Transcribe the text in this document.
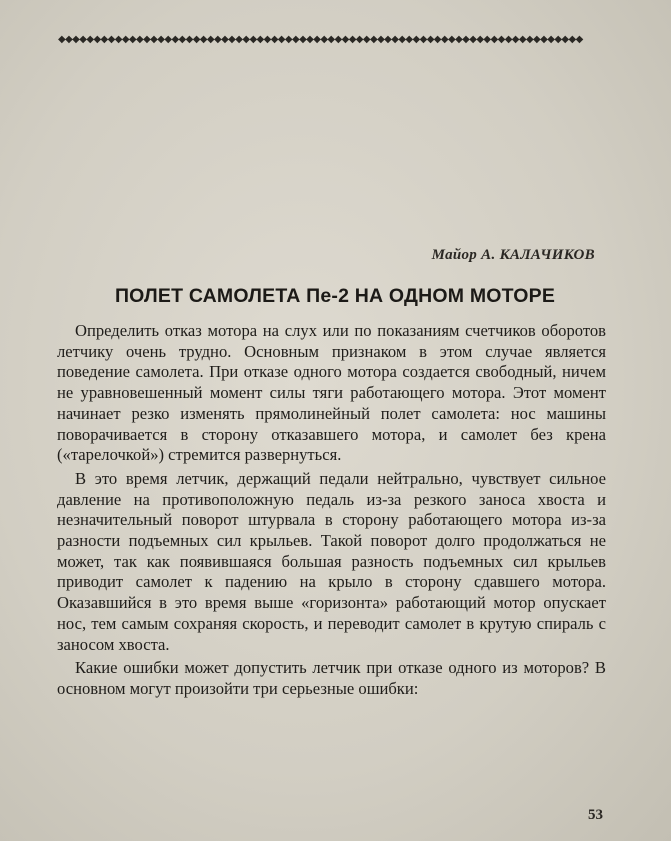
◆◆◆◆◆◆◆◆◆◆◆◆◆◆◆◆◆◆◆◆◆◆◆◆◆◆◆◆◆◆◆◆◆◆◆◆◆◆◆◆◆◆◆◆◆◆◆◆◆◆◆◆◆◆◆◆◆◆◆◆◆◆◆◆◆◆◆◆◆◆◆◆◆◆
Майор А. КАЛАЧИКОВ
ПОЛЕТ САМОЛЕТА Пе-2 НА ОДНОМ МОТОРЕ

Определить отказ мотора на слух или по показаниям счетчиков оборотов летчику очень трудно. Основным признаком в этом случае является поведение самолета. При отказе одного мотора создается свободный, ничем не уравновешенный момент силы тяги работающего мотора. Этот момент начинает резко изменять прямолинейный полет самолета: нос машины поворачивается в сторону отказавшего мотора, и самолет без крена («тарелочкой») стремится развернуться.

В это время летчик, держащий педали нейтрально, чувствует сильное давление на противоположную педаль из-за резкого заноса хвоста и незначительный поворот штурвала в сторону работающего мотора из-за разности подъемных сил крыльев. Такой поворот долго продолжаться не может, так как появившаяся большая разность подъемных сил крыльев приводит самолет к падению на крыло в сторону сдавшего мотора. Оказавшийся в это время выше «горизонта» работающий мотор опускает нос, тем самым сохраняя скорость, и переводит самолет в крутую спираль с заносом хвоста.

Какие ошибки может допустить летчик при отказе одного из моторов? В основном могут произойти три серьезные ошибки:

53
